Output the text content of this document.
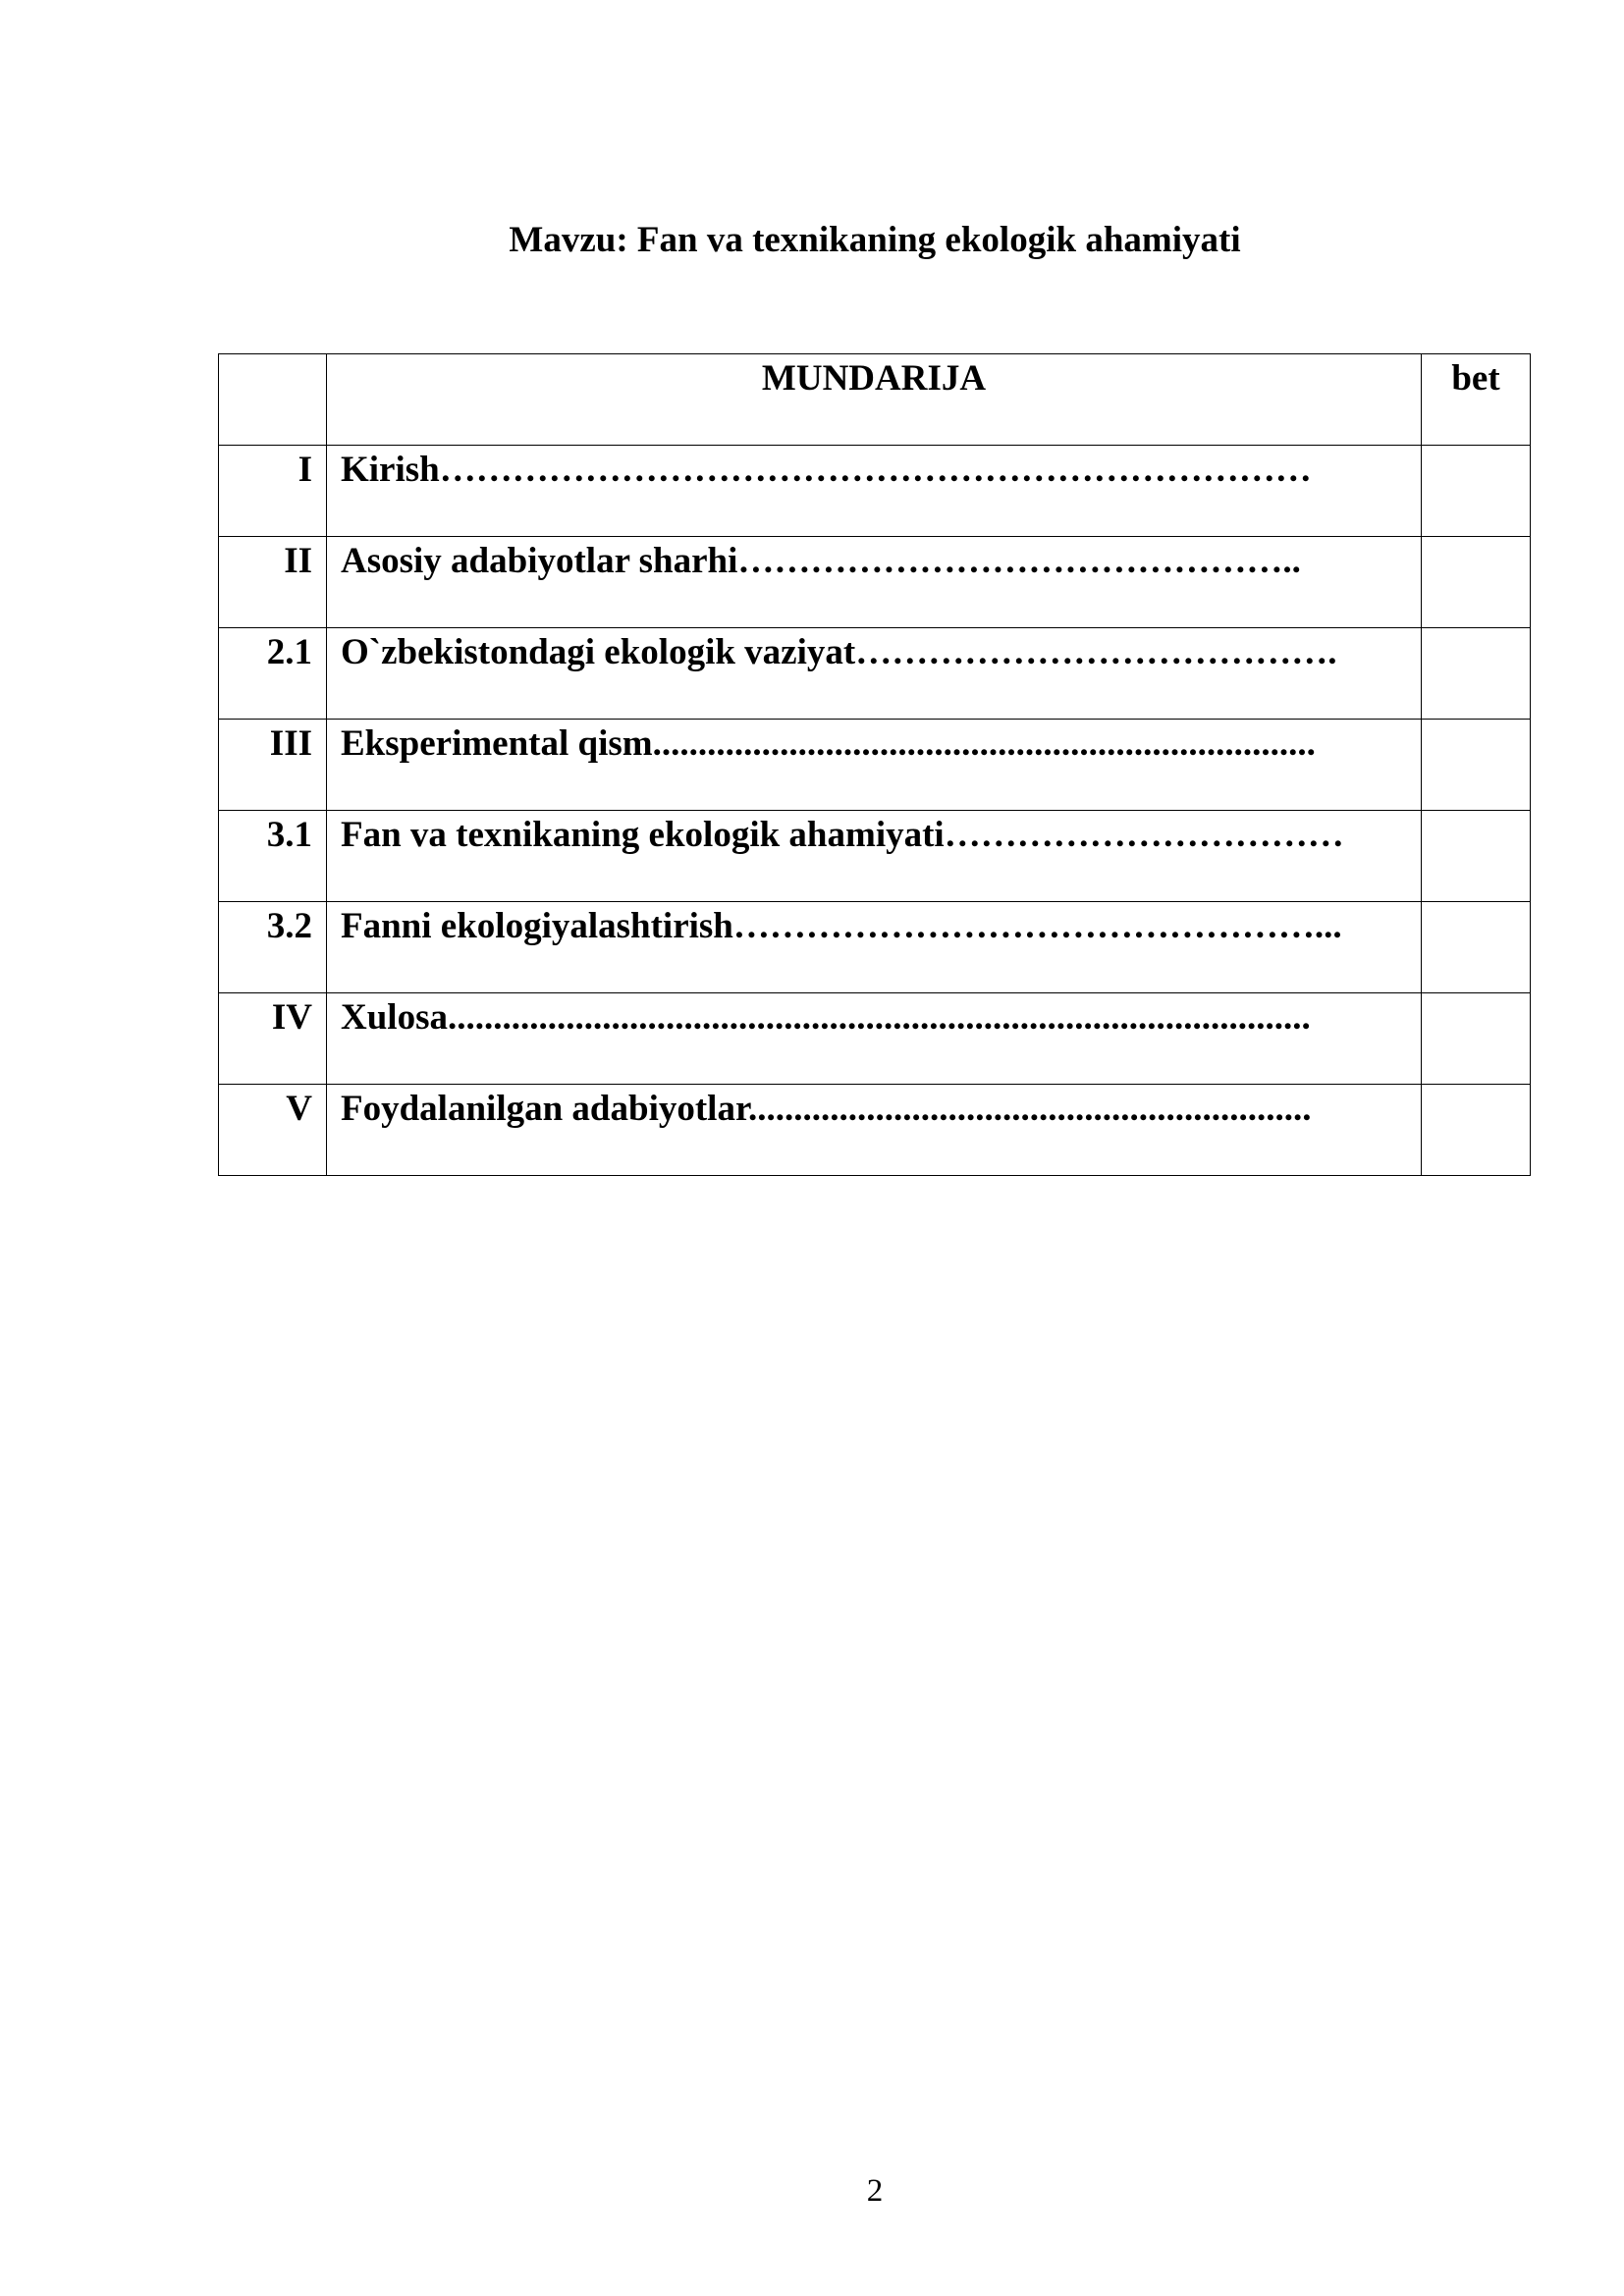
Mavzu: Fan va texnikaning ekologik ahamiyati
	MUNDARIJA	bet
I	Kirish………………………………………………………………	
II	Asosiy adabiyotlar sharhi………………………………………..	
2.1	O`zbekistondagi ekologik vaziyat………………………………….	
III	Eksperimental qism.........................................................................	
3.1	Fan va texnikaning ekologik ahamiyati……………………………	
3.2	Fanni ekologiyalashtirish…………………………………………...	
IV	Xulosa...............................................................................................	
V	Foydalanilgan adabiyotlar..............................................................	
2
